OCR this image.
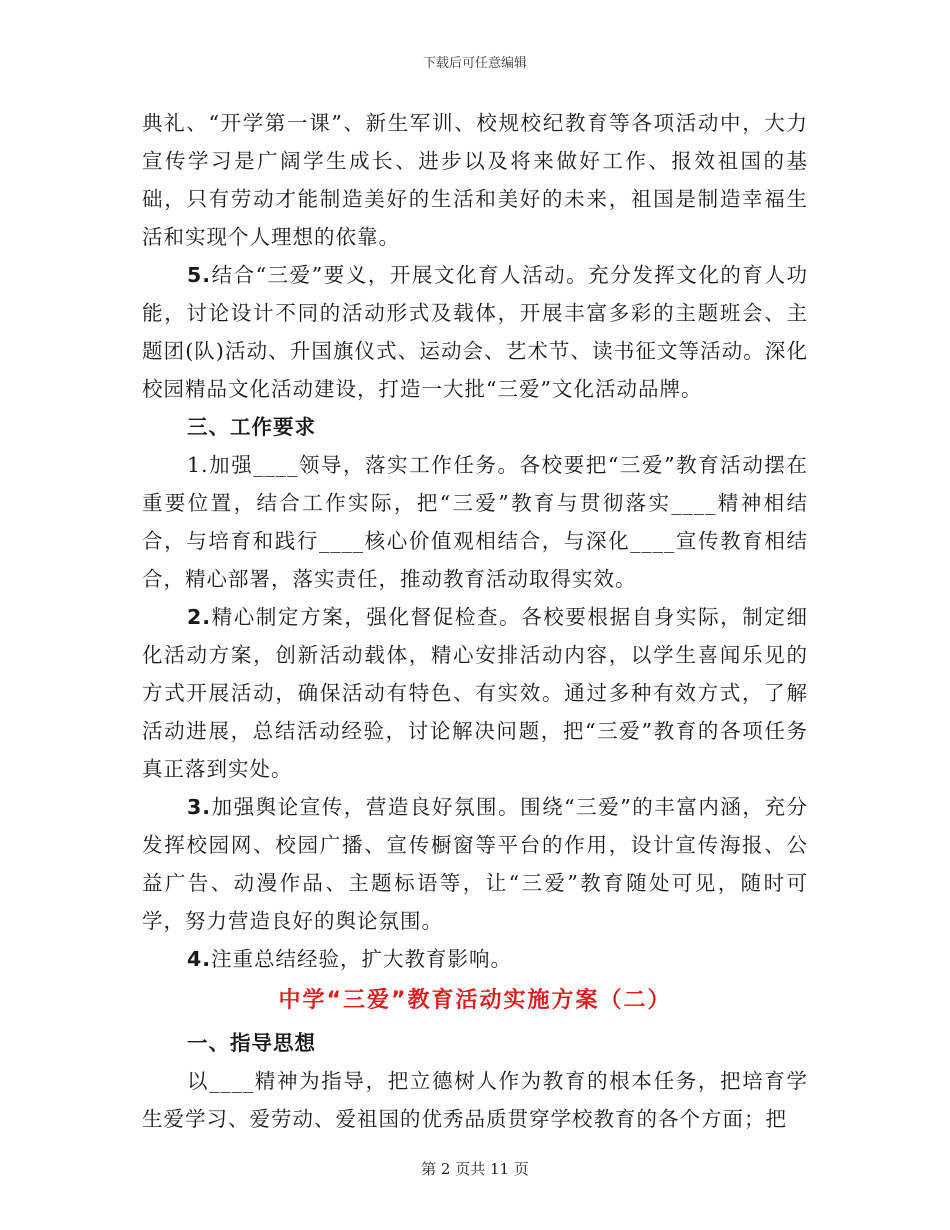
下载后可任意编辑

典礼、“开学第一课”、新生军训、校规校纪教育等各项活动中，大力宣传学习是广阔学生成长、进步以及将来做好工作、报效祖国的基础，只有劳动才能制造美好的生活和美好的未来，祖国是制造幸福生活和实现个人理想的依靠。

5.结合“三爱”要义，开展文化育人活动。充分发挥文化的育人功能，讨论设计不同的活动形式及载体，开展丰富多彩的主题班会、主题团(队)活动、升国旗仪式、运动会、艺术节、读书征文等活动。深化校园精品文化活动建设，打造一大批“三爱”文化活动品牌。

三、工作要求

1.加强____领导，落实工作任务。各校要把“三爱”教育活动摆在重要位置，结合工作实际，把“三爱”教育与贯彻落实____精神相结合，与培育和践行____核心价值观相结合，与深化____宣传教育相结合，精心部署，落实责任，推动教育活动取得实效。

2.精心制定方案，强化督促检查。各校要根据自身实际，制定细化活动方案，创新活动载体，精心安排活动内容，以学生喜闻乐见的方式开展活动，确保活动有特色、有实效。通过多种有效方式，了解活动进展，总结活动经验，讨论解决问题，把“三爱”教育的各项任务真正落到实处。

3.加强舆论宣传，营造良好氛围。围绕“三爱”的丰富内涵，充分发挥校园网、校园广播、宣传橱窗等平台的作用，设计宣传海报、公益广告、动漫作品、主题标语等，让“三爱”教育随处可见，随时可学，努力营造良好的舆论氛围。

4.注重总结经验，扩大教育影响。

中学“三爱”教育活动实施方案（二）

一、指导思想

以____精神为指导，把立德树人作为教育的根本任务，把培育学生爱学习、爱劳动、爱祖国的优秀品质贯穿学校教育的各个方面；把

第 2 页共 11 页
